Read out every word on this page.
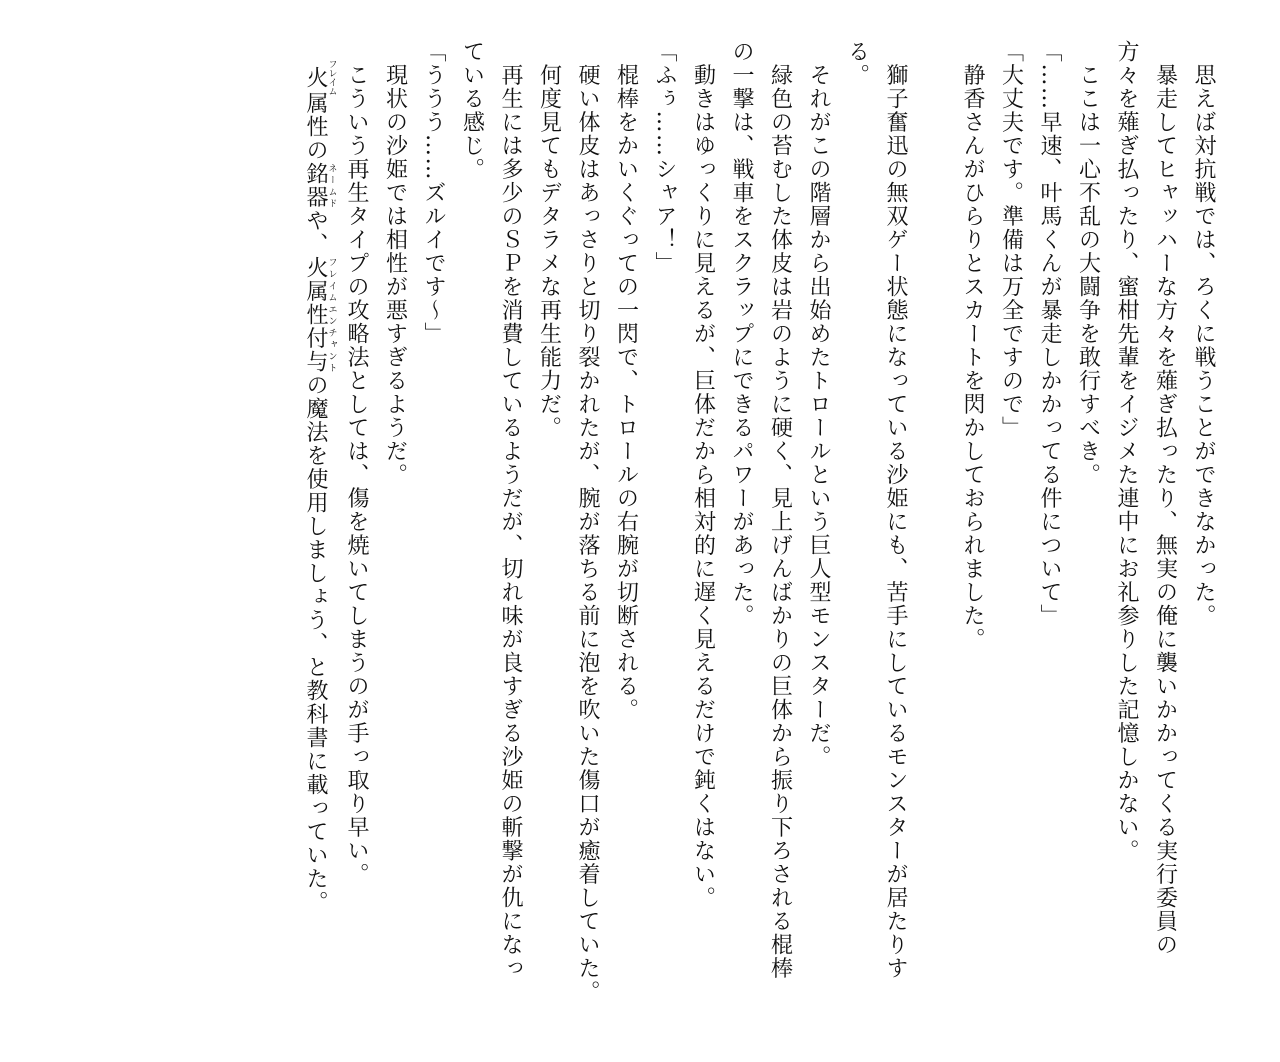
　思えば対抗戦では、ろくに戦うことができなかった。
　暴走してヒャッハーな方々を薙ぎ払ったり、無実の俺に襲いかかってくる実行委員の
方々を薙ぎ払ったり、蜜柑先輩をイジメた連中にお礼参りした記憶しかない。
　ここは一心不乱の大闘争を敢行すべき。
「……早速、叶馬くんが暴走しかかってる件について」
「大丈夫です。準備は万全ですので」
　静香さんがひらりとスカートを閃かしておられました。
　獅子奮迅の無双ゲー状態になっている沙姫にも、苦手にしているモンスターが居たりす
る。
　それがこの階層から出始めたトロールという巨人型モンスターだ。
　緑色の苔むした体皮は岩のように硬く、見上げんばかりの巨体から振り下ろされる棍棒
の一撃は、戦車をスクラップにできるパワーがあった。
　動きはゆっくりに見えるが、巨体だから相対的に遅く見えるだけで鈍くはない。
「ふぅ……シャア！」
　棍棒をかいくぐっての一閃で、トロールの右腕が切断される。
　硬い体皮はあっさりと切り裂かれたが、腕が落ちる前に泡を吹いた傷口が癒着していた。
　何度見てもデタラメな再生能力だ。
　再生には多少のＳＰを消費しているようだが、切れ味が良すぎる沙姫の斬撃が仇になっ
ている感じ。
「ううう……ズルイです～」
　現状の沙姫では相性が悪すぎるようだ。
　こういう再生タイプの攻略法としては、傷を焼いてしまうのが手っ取り早い。
　火フレイム属性の銘器ネームドや、火属性付与フレイムエンチャントの魔法を使用しましょう、と教科書に載っていた。
